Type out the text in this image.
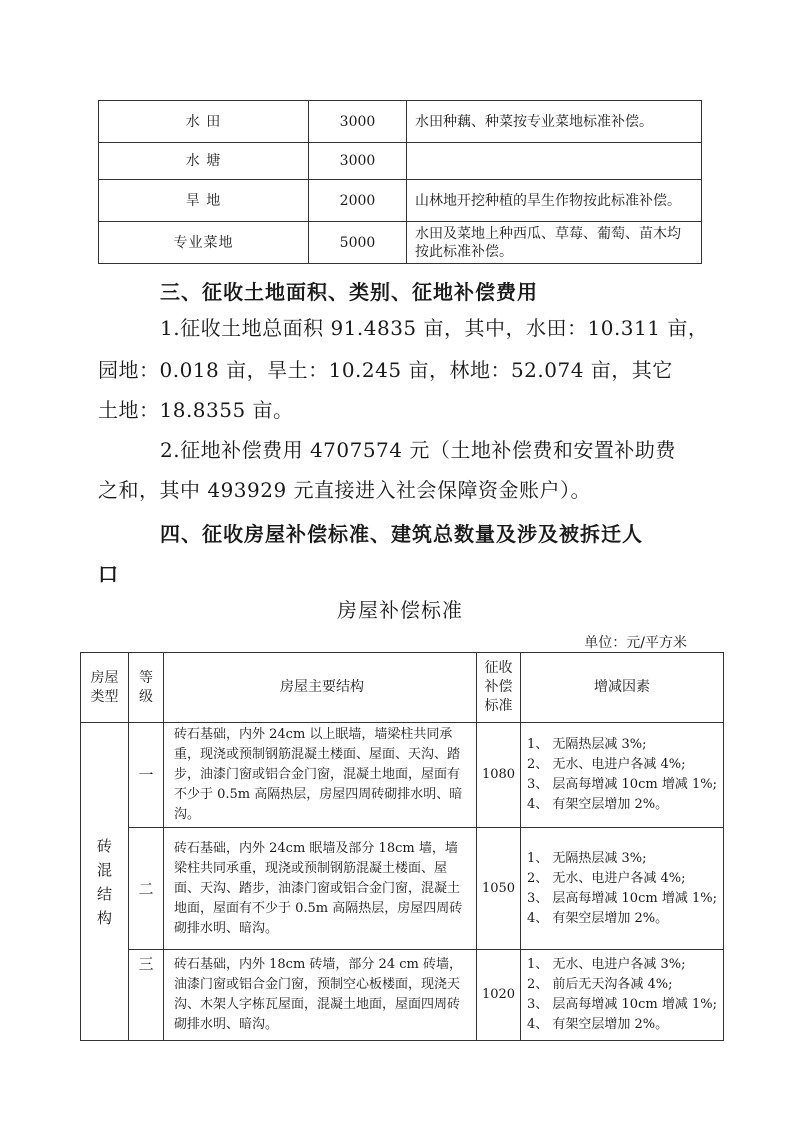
水 田	3000	水田种藕、种菜按专业菜地标准补偿。
水 塘	3000	
旱 地	2000	山林地开挖种植的旱生作物按此标准补偿。
专业菜地	5000	水田及菜地上种西瓜、草莓、葡萄、苗木均按此标准补偿。
三、征收土地面积、类别、征地补偿费用
1.征收土地总面积 91.4835 亩，其中，水田：10.311 亩，
园地：0.018 亩，旱土：10.245 亩，林地：52.074 亩，其它
土地：18.8355 亩。
2.征地补偿费用 4707574 元（土地补偿费和安置补助费
之和，其中 493929 元直接进入社会保障资金账户）。
四、征收房屋补偿标准、建筑总数量及涉及被拆迁人
口
房屋补偿标准
单位：元/平方米
房屋类型	等级	房屋主要结构	征收补偿标准	增减因素
砖混结构	一	砖石基础，内外 24cm 以上眠墙，墙梁柱共同承重，现浇或预制钢筋混凝土楼面、屋面、天沟、踏步，油漆门窗或铝合金门窗，混凝土地面，屋面有不少于 0.5m 高隔热层，房屋四周砖砌排水明、暗沟。	1080	1、 无隔热层减 3%;
2、 无水、电进户各减 4%;
3、 层高每增减 10cm 增减 1%;
4、 有架空层增加 2%。

	二	砖石基础，内外 24cm 眠墙及部分 18cm 墙，墙梁柱共同承重，现浇或预制钢筋混凝土楼面、屋面、天沟、踏步，油漆门窗或铝合金门窗，混凝土地面，屋面有不少于 0.5m 高隔热层，房屋四周砖砌排水明、暗沟。	1050	1、 无隔热层减 3%;
2、 无水、电进户各减 4%;
3、 层高每增减 10cm 增减 1%;
4、 有架空层增加 2%。

	三	砖石基础，内外 18cm 砖墙，部分 24 cm 砖墙，油漆门窗或铝合金门窗，预制空心板楼面，现浇天沟、木架人字栋瓦屋面，混凝土地面，屋面四周砖砌排水明、暗沟。	1020	1、 无水、电进户各减 3%;
2、 前后无天沟各减 4%;
3、 层高每增减 10cm 增减 1%;
4、 有架空层增加 2%。
